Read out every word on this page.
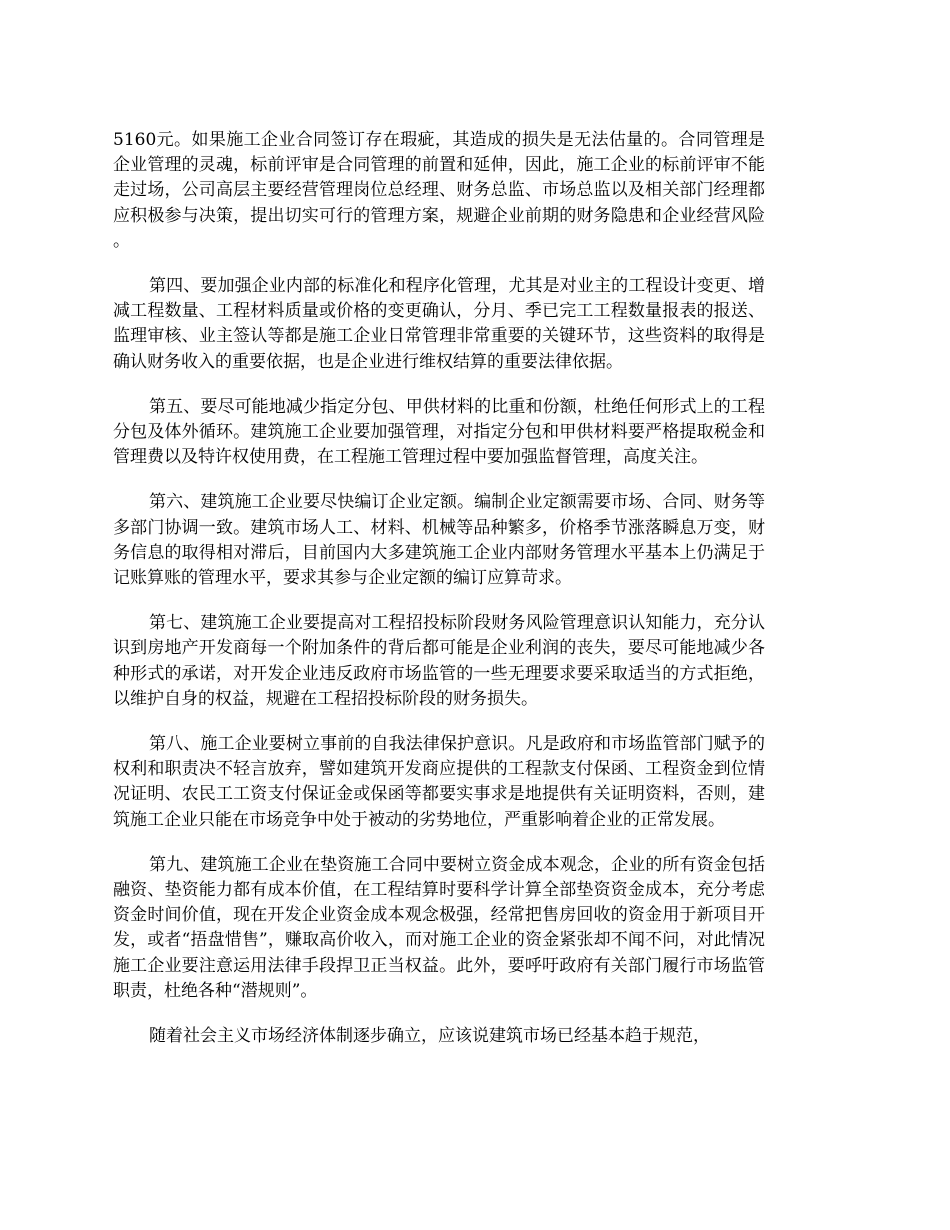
5160元。如果施工企业合同签订存在瑕疵，其造成的损失是无法估量的。合同管理是企业管理的灵魂，标前评审是合同管理的前置和延伸，因此，施工企业的标前评审不能走过场，公司高层主要经营管理岗位总经理、财务总监、市场总监以及相关部门经理都应积极参与决策，提出切实可行的管理方案，规避企业前期的财务隐患和企业经营风险。

第四、要加强企业内部的标准化和程序化管理，尤其是对业主的工程设计变更、增减工程数量、工程材料质量或价格的变更确认，分月、季已完工工程数量报表的报送、监理审核、业主签认等都是施工企业日常管理非常重要的关键环节，这些资料的取得是确认财务收入的重要依据，也是企业进行维权结算的重要法律依据。

第五、要尽可能地减少指定分包、甲供材料的比重和份额，杜绝任何形式上的工程分包及体外循环。建筑施工企业要加强管理，对指定分包和甲供材料要严格提取税金和管理费以及特许权使用费，在工程施工管理过程中要加强监督管理，高度关注。

第六、建筑施工企业要尽快编订企业定额。编制企业定额需要市场、合同、财务等多部门协调一致。建筑市场人工、材料、机械等品种繁多，价格季节涨落瞬息万变，财务信息的取得相对滞后，目前国内大多建筑施工企业内部财务管理水平基本上仍满足于记账算账的管理水平，要求其参与企业定额的编订应算苛求。

第七、建筑施工企业要提高对工程招投标阶段财务风险管理意识认知能力，充分认识到房地产开发商每一个附加条件的背后都可能是企业利润的丧失，要尽可能地减少各种形式的承诺，对开发企业违反政府市场监管的一些无理要求要采取适当的方式拒绝，以维护自身的权益，规避在工程招投标阶段的财务损失。

第八、施工企业要树立事前的自我法律保护意识。凡是政府和市场监管部门赋予的权利和职责决不轻言放弃，譬如建筑开发商应提供的工程款支付保函、工程资金到位情况证明、农民工工资支付保证金或保函等都要实事求是地提供有关证明资料，否则，建筑施工企业只能在市场竞争中处于被动的劣势地位，严重影响着企业的正常发展。

第九、建筑施工企业在垫资施工合同中要树立资金成本观念，企业的所有资金包括融资、垫资能力都有成本价值，在工程结算时要科学计算全部垫资资金成本，充分考虑资金时间价值，现在开发企业资金成本观念极强，经常把售房回收的资金用于新项目开发，或者“捂盘惜售”，赚取高价收入，而对施工企业的资金紧张却不闻不问，对此情况施工企业要注意运用法律手段捍卫正当权益。此外，要呼吁政府有关部门履行市场监管职责，杜绝各种“潜规则”。

随着社会主义市场经济体制逐步确立，应该说建筑市场已经基本趋于规范，
